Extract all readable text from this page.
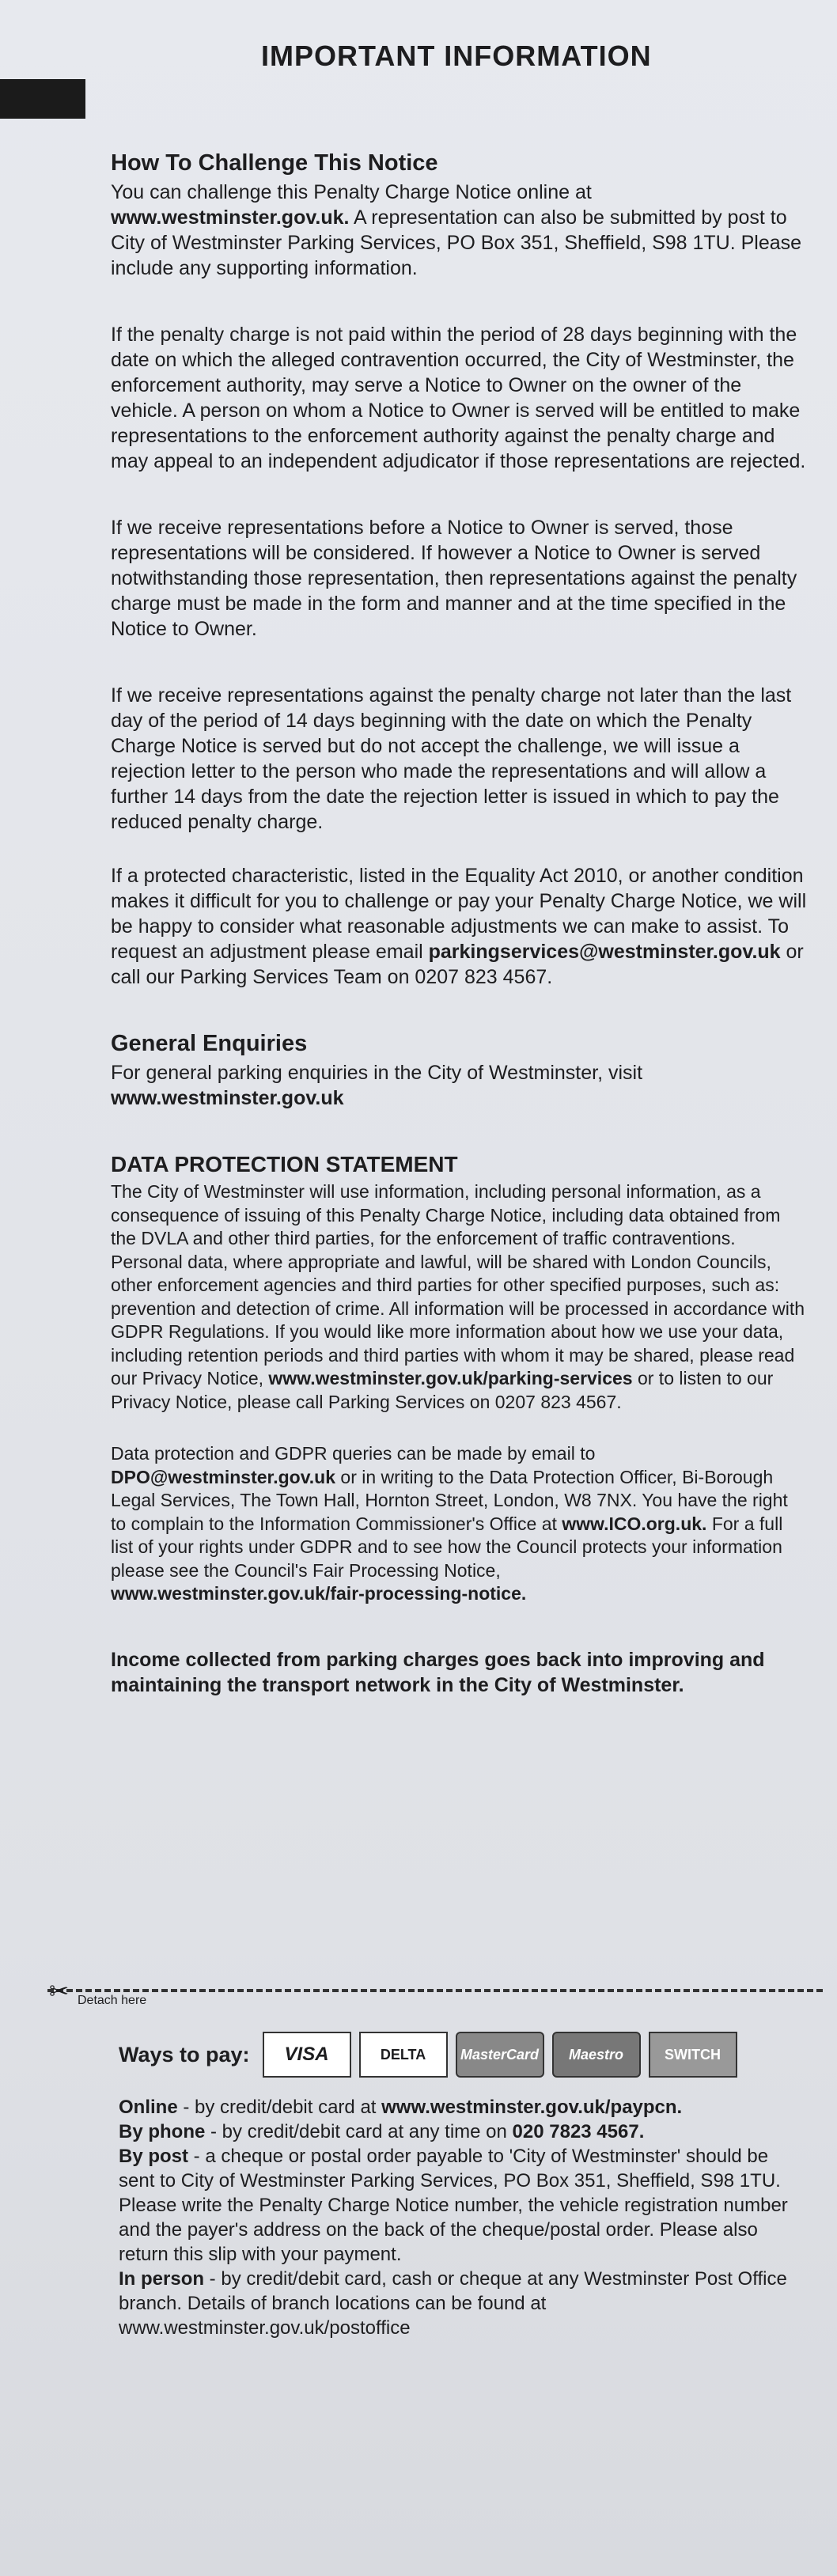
IMPORTANT INFORMATION
How To Challenge This Notice

You can challenge this Penalty Charge Notice online at www.westminster.gov.uk. A representation can also be submitted by post to City of Westminster Parking Services, PO Box 351, Sheffield, S98 1TU. Please include any supporting information.

If the penalty charge is not paid within the period of 28 days beginning with the date on which the alleged contravention occurred, the City of Westminster, the enforcement authority, may serve a Notice to Owner on the owner of the vehicle. A person on whom a Notice to Owner is served will be entitled to make representations to the enforcement authority against the penalty charge and may appeal to an independent adjudicator if those representations are rejected.

If we receive representations before a Notice to Owner is served, those representations will be considered. If however a Notice to Owner is served notwithstanding those representation, then representations against the penalty charge must be made in the form and manner and at the time specified in the Notice to Owner.

If we receive representations against the penalty charge not later than the last day of the period of 14 days beginning with the date on which the Penalty Charge Notice is served but do not accept the challenge, we will issue a rejection letter to the person who made the representations and will allow a further 14 days from the date the rejection letter is issued in which to pay the reduced penalty charge.

If a protected characteristic, listed in the Equality Act 2010, or another condition makes it difficult for you to challenge or pay your Penalty Charge Notice, we will be happy to consider what reasonable adjustments we can make to assist. To request an adjustment please email parkingservices@westminster.gov.uk or call our Parking Services Team on 0207 823 4567.

General Enquiries

For general parking enquiries in the City of Westminster, visit

www.westminster.gov.uk

DATA PROTECTION STATEMENT

The City of Westminster will use information, including personal information, as a consequence of issuing of this Penalty Charge Notice, including data obtained from the DVLA and other third parties, for the enforcement of traffic contraventions. Personal data, where appropriate and lawful, will be shared with London Councils, other enforcement agencies and third parties for other specified purposes, such as: prevention and detection of crime. All information will be processed in accordance with GDPR Regulations. If you would like more information about how we use your data, including retention periods and third parties with whom it may be shared, please read our Privacy Notice, www.westminster.gov.uk/parking-services or to listen to our Privacy Notice, please call Parking Services on 0207 823 4567.

Data protection and GDPR queries can be made by email to DPO@westminster.gov.uk or in writing to the Data Protection Officer, Bi-Borough Legal Services, The Town Hall, Hornton Street, London, W8 7NX. You have the right to complain to the Information Commissioner's Office at www.ICO.org.uk. For a full list of your rights under GDPR and to see how the Council protects your information please see the Council's Fair Processing Notice,
www.westminster.gov.uk/fair-processing-notice.

Income collected from parking charges goes back into improving and maintaining the transport network in the City of Westminster.

✂ Detach here
Ways to pay:	VISA	DELTA	MasterCard	Maestro	SWITCH

Online - by credit/debit card at www.westminster.gov.uk/paypcn.

By phone - by credit/debit card at any time on 020 7823 4567.

By post - a cheque or postal order payable to 'City of Westminster' should be sent to City of Westminster Parking Services, PO Box 351, Sheffield, S98 1TU. Please write the Penalty Charge Notice number, the vehicle registration number and the payer's address on the back of the cheque/postal order. Please also return this slip with your payment.

In person - by credit/debit card, cash or cheque at any Westminster Post Office branch. Details of branch locations can be found at

www.westminster.gov.uk/postoffice
